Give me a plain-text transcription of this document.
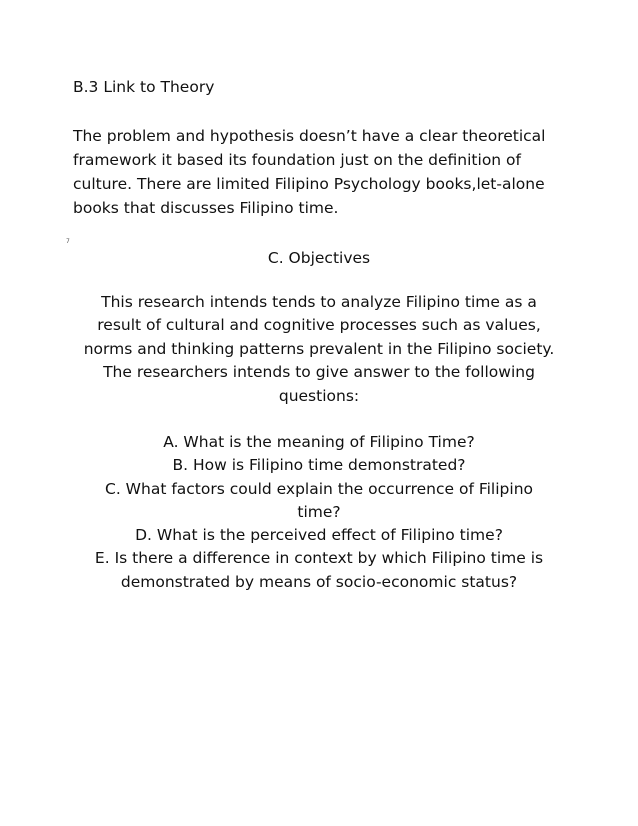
B.3 Link to Theory
The problem and hypothesis doesn’t have a clear theoretical
framework it based its foundation just on the definition of
culture. There are limited Filipino Psychology books,let-alone
books that discusses Filipino time.
7
C. Objectives
This research intends tends to analyze Filipino time as a
result of cultural and cognitive processes such as values,
norms and thinking patterns prevalent in the Filipino society.
The researchers intends to give answer to the following
questions:
A. What is the meaning of Filipino Time?
B. How is Filipino time demonstrated?
C. What factors could explain the occurrence of Filipino
time?
D. What is the perceived effect of Filipino time?
E. Is there a difference in context by which Filipino time is
demonstrated by means of socio-economic status?
